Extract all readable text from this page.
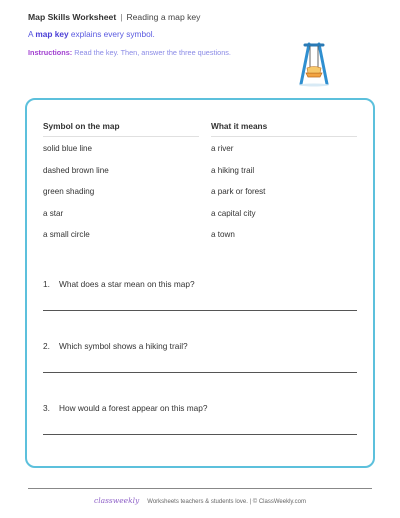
Map Skills Worksheet | Reading a map key
A map key explains every symbol.
Instructions: Read the key. Then, answer the three questions.
Symbol on the map
solid blue line
dashed brown line
green shading
a star
a small circle
What it means
a river
a hiking trail
a park or forest
a capital city
a town
1. What does a star mean on this map?
2. Which symbol shows a hiking trail?
3. How would a forest appear on this map?
classweekly Worksheets teachers & students love. | © ClassWeekly.com
